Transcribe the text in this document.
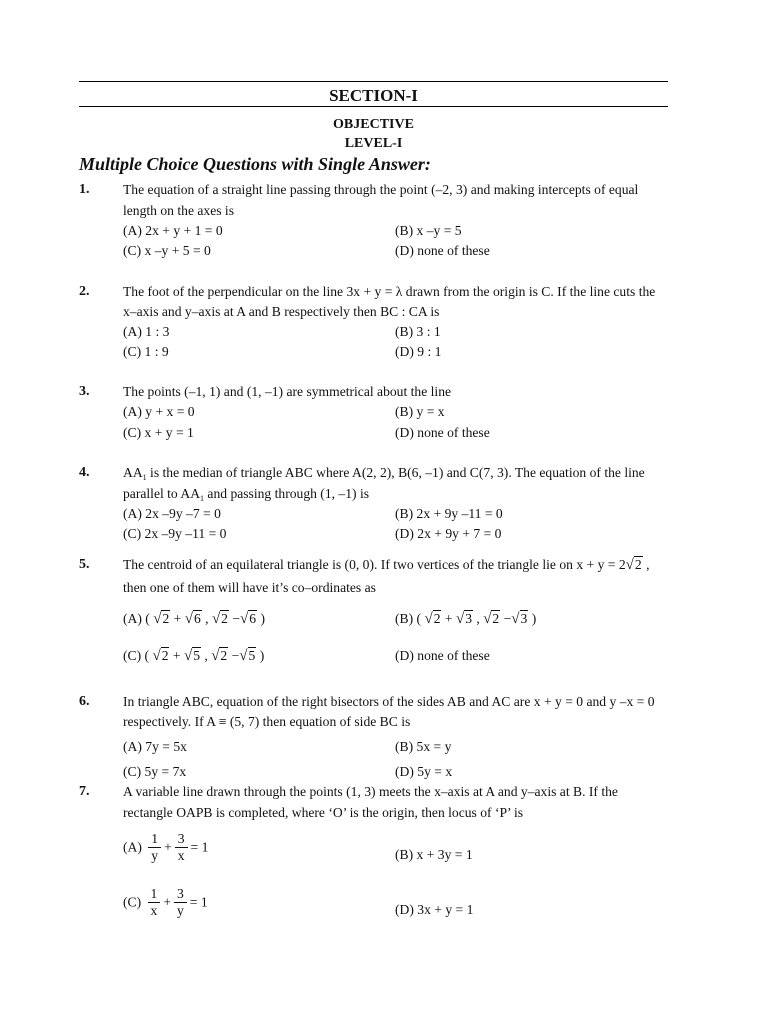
SECTION-I
OBJECTIVE
LEVEL-I
Multiple Choice Questions with Single Answer:
1. The equation of a straight line passing through the point (–2, 3) and making intercepts of equal
length on the axes is
(A) 2x + y + 1 = 0	(B) x –y = 5
(C) x –y + 5 = 0	(D) none of these
2. The foot of the perpendicular on the line 3x + y = λ drawn from the origin is C. If the line cuts the
x–axis and y–axis at A and B respectively then BC : CA is
(A) 1 : 3	(B) 3 : 1
(C) 1 : 9	(D) 9 : 1
3. The points (–1, 1) and (1, –1) are symmetrical about the line
(A) y + x = 0	(B) y = x
(C) x + y = 1	(D) none of these
4. $AA_1$ is the median of triangle ABC where A(2, 2), B(6, –1) and C(7, 3). The equation of the line
parallel to $AA_1$ and passing through (1, –1) is
(A) 2x –9y –7 = 0	(B) 2x + 9y –11 = 0
(C) 2x –9y –11 = 0	(D) 2x + 9y + 7 = 0
5. The centroid of an equilateral triangle is (0, 0). If two vertices of the triangle lie on x + y = 2√2 ,
then one of them will have it’s co–ordinates as
(A) ( √2 + √6 , √2 −√6 )	(B) ( √2 + √3 , √2 −√3 )
(C) ( √2 + √5 , √2 −√5 )	(D) none of these
6. In triangle ABC, equation of the right bisectors of the sides AB and AC are x + y = 0 and y –x = 0
respectively. If A ≡ (5, 7) then equation of side BC is
(A) 7y = 5x	(B) 5x = y
(C) 5y = 7x	(D) 5y = x
7. A variable line drawn through the points (1, 3) meets the x–axis at A and y–axis at B. If the
rectangle OAPB is completed, where ‘O’ is the origin, then locus of ‘P’ is
$(A) \frac{1}{y} + \frac{3}{x} = 1$	(B) x + 3y = 1
$(C) \frac{1}{x} + \frac{3}{y} = 1$	(D) 3x + y = 1
